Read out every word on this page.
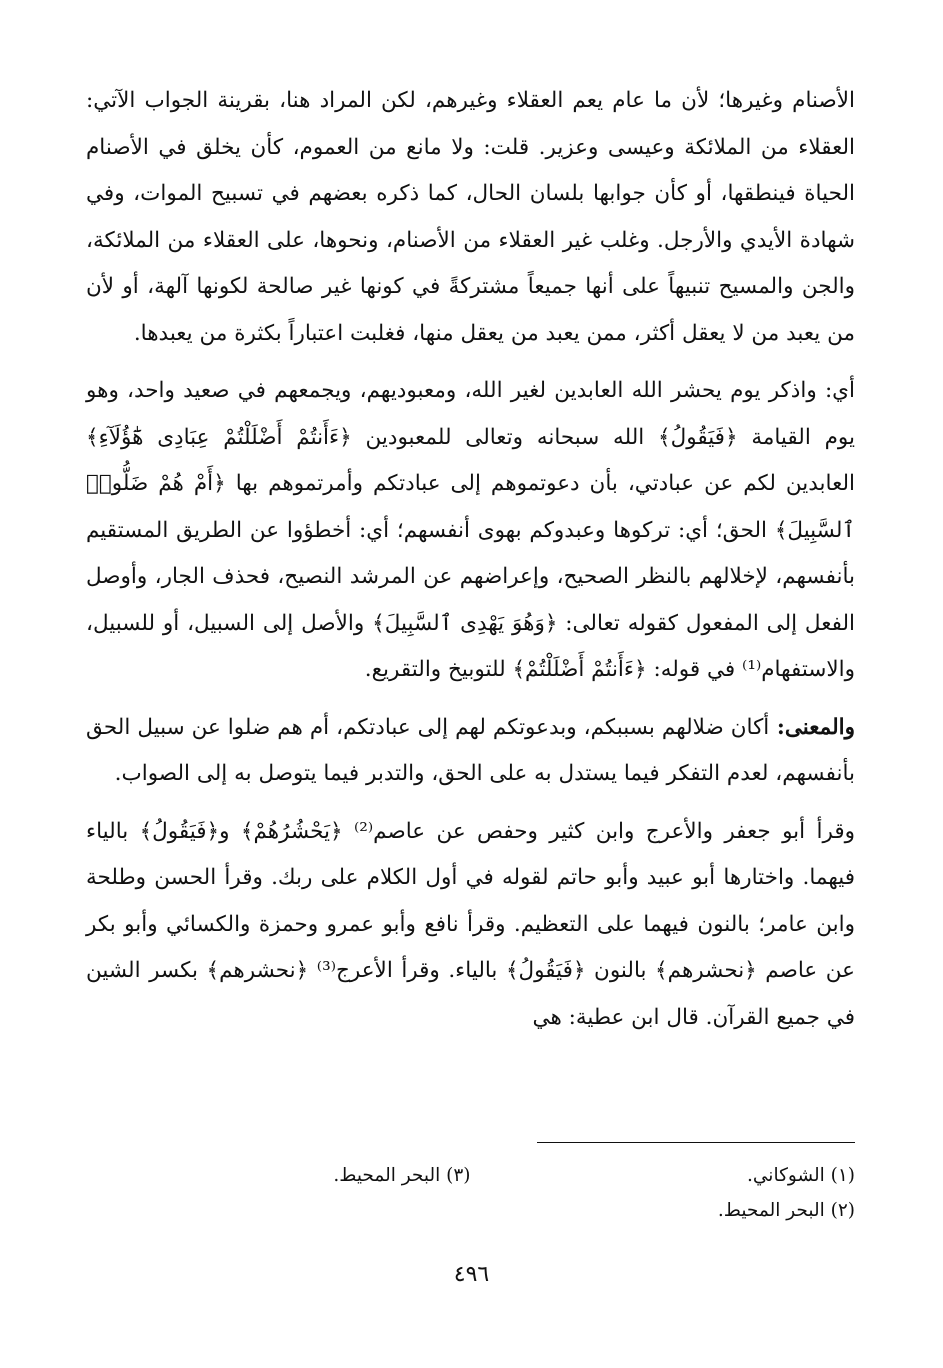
الأصنام وغيرها؛ لأن ما عام يعم العقلاء وغيرهم، لكن المراد هنا، بقرينة الجواب الآتي: العقلاء من الملائكة وعيسى وعزير. قلت: ولا مانع من العموم، كأن يخلق في الأصنام الحياة فينطقها، أو كأن جوابها بلسان الحال، كما ذكره بعضهم في تسبيح الموات، وفي شهادة الأيدي والأرجل. وغلب غير العقلاء من الأصنام، ونحوها، على العقلاء من الملائكة، والجن والمسيح تنبيهاً على أنها جميعاً مشتركةً في كونها غير صالحة لكونها آلهة، أو لأن من يعبد من لا يعقل أكثر، ممن يعبد من يعقل منها، فغلبت اعتباراً بكثرة من يعبدها.

أي: واذكر يوم يحشر الله العابدين لغير الله، ومعبوديهم، ويجمعهم في صعيد واحد، وهو يوم القيامة ﴿فَيَقُولُ﴾ الله سبحانه وتعالى للمعبودين ﴿ءَأَنتُمْ أَضْلَلْتُمْ عِبَادِى هَٰٓؤُلَآءِ﴾ العابدين لكم عن عبادتي، بأن دعوتموهم إلى عبادتكم وأمرتموهم بها ﴿أَمْ هُمْ ضَلُّوا۟ ٱلسَّبِيلَ﴾ الحق؛ أي: تركوها وعبدوكم بهوى أنفسهم؛ أي: أخطؤوا عن الطريق المستقيم بأنفسهم، لإخلالهم بالنظر الصحيح، وإعراضهم عن المرشد النصيح، فحذف الجار، وأوصل الفعل إلى المفعول كقوله تعالى: ﴿وَهُوَ يَهْدِى ٱلسَّبِيلَ﴾ والأصل إلى السبيل، أو للسبيل، والاستفهام⁽¹⁾ في قوله: ﴿ءَأَنتُمْ أَضْلَلْتُمْ﴾ للتوبيخ والتقريع.

والمعنى: أكان ضلالهم بسببكم، وبدعوتكم لهم إلى عبادتكم، أم هم ضلوا عن سبيل الحق بأنفسهم، لعدم التفكر فيما يستدل به على الحق، والتدبر فيما يتوصل به إلى الصواب.

وقرأ أبو جعفر والأعرج وابن كثير وحفص عن عاصم⁽²⁾ ﴿يَحْشُرُهُمْ﴾ و﴿فَيَقُولُ﴾ بالياء فيهما. واختارها أبو عبيد وأبو حاتم لقوله في أول الكلام على ربك. وقرأ الحسن وطلحة وابن عامر؛ بالنون فيهما على التعظيم. وقرأ نافع وأبو عمرو وحمزة والكسائي وأبو بكر عن عاصم ﴿نحشرهم﴾ بالنون ﴿فَيَقُولُ﴾ بالياء. وقرأ الأعرج⁽³⁾ ﴿نحشرهم﴾ بكسر الشين في جميع القرآن. قال ابن عطية: هي

(١) الشوكاني.
(٣) البحر المحيط.
(٢) البحر المحيط.
٤٩٦
